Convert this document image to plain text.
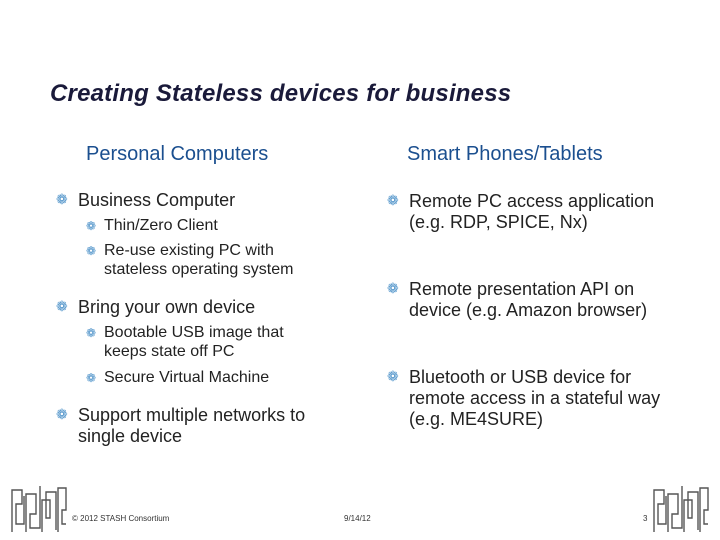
Creating Stateless devices for business
Personal Computers	Smart Phones/Tablets

❁ Business Computer

❁ Thin/Zero Client

❁ Re-use existing PC with stateless operating system

❁ Bring your own device

❁ Bootable USB image that keeps state off PC

❁ Secure Virtual Machine

❁ Support multiple networks to single device

❁ Remote PC access application (e.g. RDP, SPICE, Nx)

❁ Remote presentation API on device (e.g. Amazon browser)

❁ Bluetooth or USB device for remote access in a stateful way (e.g. ME4SURE)

© 2012 STASH Consortium	9/14/12	3
